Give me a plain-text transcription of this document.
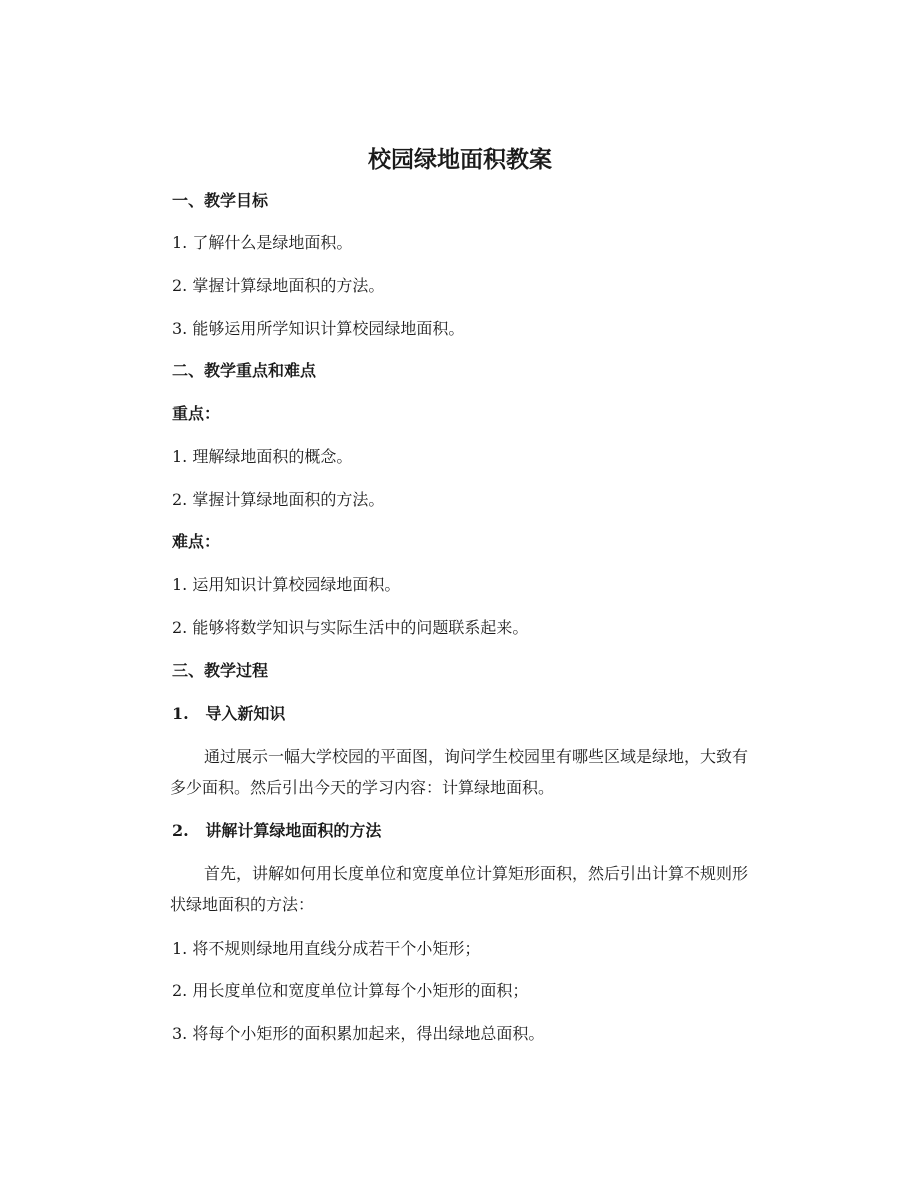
校园绿地面积教案

一、教学目标

1. 了解什么是绿地面积。

2. 掌握计算绿地面积的方法。

3. 能够运用所学知识计算校园绿地面积。

二、教学重点和难点

重点：

1. 理解绿地面积的概念。

2. 掌握计算绿地面积的方法。

难点：

1. 运用知识计算校园绿地面积。

2. 能够将数学知识与实际生活中的问题联系起来。

三、教学过程

1.   导入新知识

通过展示一幅大学校园的平面图，询问学生校园里有哪些区域是绿地，大致有
多少面积。然后引出今天的学习内容：计算绿地面积。

2.   讲解计算绿地面积的方法

首先，讲解如何用长度单位和宽度单位计算矩形面积，然后引出计算不规则形
状绿地面积的方法：

1. 将不规则绿地用直线分成若干个小矩形；

2. 用长度单位和宽度单位计算每个小矩形的面积；

3. 将每个小矩形的面积累加起来，得出绿地总面积。
